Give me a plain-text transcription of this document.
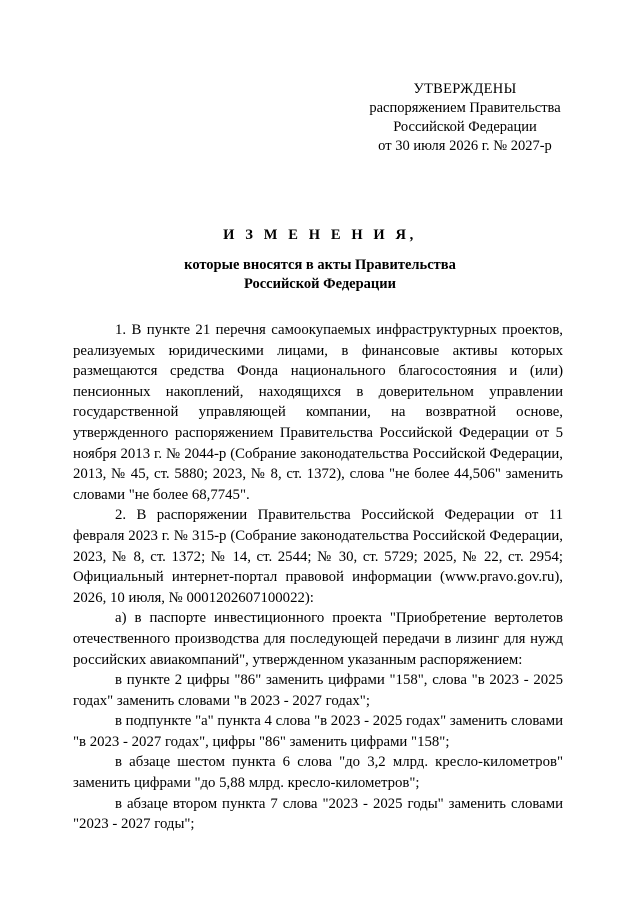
УТВЕРЖДЕНЫ
распоряжением Правительства
Российской Федерации
от 30 июля 2026 г. № 2027-р
И З М Е Н Е Н И Я,
которые вносятся в акты Правительства
Российской Федерации

1. В пункте 21 перечня самоокупаемых инфраструктурных проектов, реализуемых юридическими лицами, в финансовые активы которых размещаются средства Фонда национального благосостояния и (или) пенсионных накоплений, находящихся в доверительном управлении государственной управляющей компании, на возвратной основе, утвержденного распоряжением Правительства Российской Федерации от 5 ноября 2013 г. № 2044-р (Собрание законодательства Российской Федерации, 2013, № 45, ст. 5880; 2023, № 8, ст. 1372), слова "не более 44,506" заменить словами "не более 68,7745".

2. В распоряжении Правительства Российской Федерации от 11 февраля 2023 г. № 315-р (Собрание законодательства Российской Федерации, 2023, № 8, ст. 1372; № 14, ст. 2544; № 30, ст. 5729; 2025, № 22, ст. 2954; Официальный интернет-портал правовой информации (www.pravo.gov.ru), 2026, 10 июля, № 0001202607100022):

а) в паспорте инвестиционного проекта "Приобретение вертолетов отечественного производства для последующей передачи в лизинг для нужд российских авиакомпаний", утвержденном указанным распоряжением:

в пункте 2 цифры "86" заменить цифрами "158", слова "в 2023 - 2025 годах" заменить словами "в 2023 - 2027 годах";

в подпункте "а" пункта 4 слова "в 2023 - 2025 годах" заменить словами "в 2023 - 2027 годах", цифры "86" заменить цифрами "158";

в абзаце шестом пункта 6 слова "до 3,2 млрд. кресло-километров" заменить цифрами "до 5,88 млрд. кресло-километров";

в абзаце втором пункта 7 слова "2023 - 2025 годы" заменить словами "2023 - 2027 годы";
